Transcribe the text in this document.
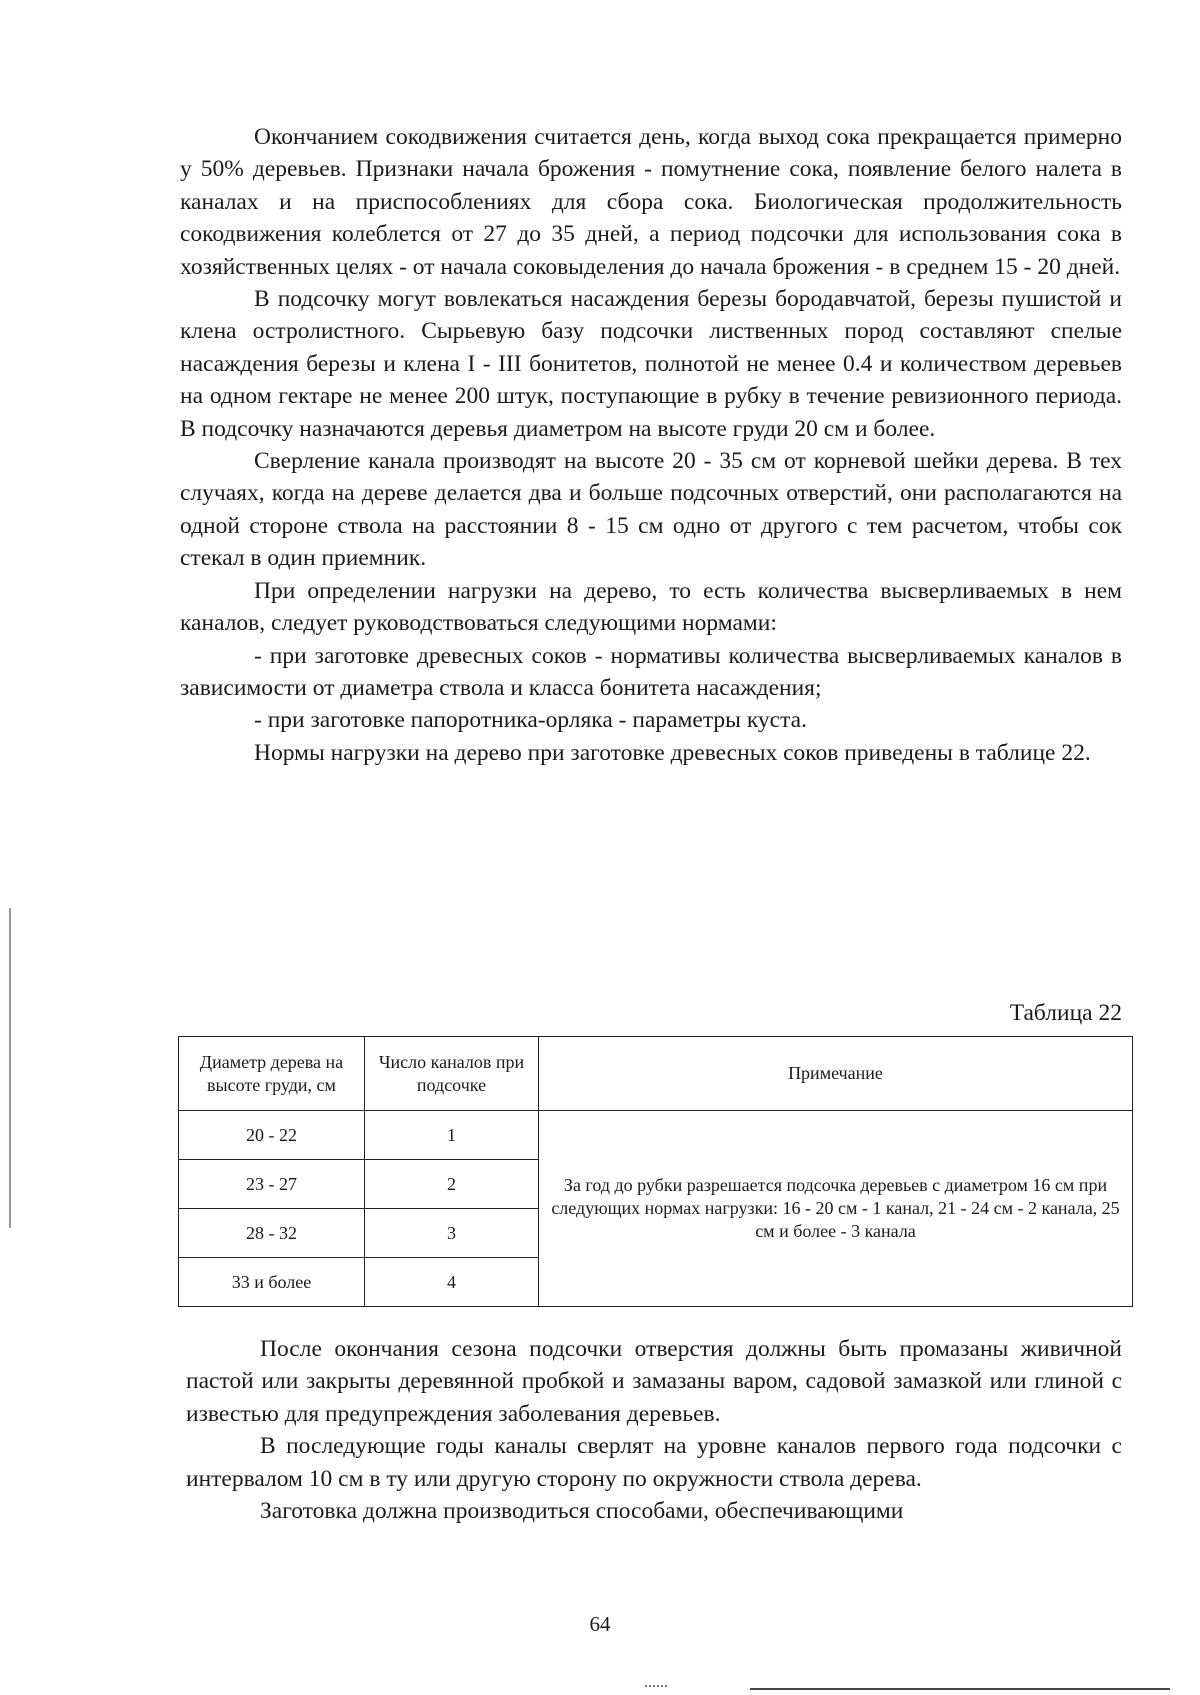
Окончанием сокодвижения считается день, когда выход сока прекращается примерно у 50% деревьев. Признаки начала брожения - помутнение сока, появление белого налета в каналах и на приспособлениях для сбора сока. Биологическая продолжительность сокодвижения колеблется от 27 до 35 дней, а период подсочки для использования сока в хозяйственных целях - от начала соковыделения до начала брожения - в среднем 15 - 20 дней.

В подсочку могут вовлекаться насаждения березы бородавчатой, березы пушистой и клена остролистного. Сырьевую базу подсочки лиственных пород составляют спелые насаждения березы и клена I - III бонитетов, полнотой не менее 0.4 и количеством деревьев на одном гектаре не менее 200 штук, поступающие в рубку в течение ревизионного периода. В подсочку назначаются деревья диаметром на высоте груди 20 см и более.

Сверление канала производят на высоте 20 - 35 см от корневой шейки дерева. В тех случаях, когда на дереве делается два и больше подсочных отверстий, они располагаются на одной стороне ствола на расстоянии 8 - 15 см одно от другого с тем расчетом, чтобы сок стекал в один приемник.

При определении нагрузки на дерево, то есть количества высверливаемых в нем каналов, следует руководствоваться следующими нормами:

- при заготовке древесных соков - нормативы количества высверливаемых каналов в зависимости от диаметра ствола и класса бонитета насаждения;

- при заготовке папоротника-орляка - параметры куста.

Нормы нагрузки на дерево при заготовке древесных соков приведены в таблице 22.

Таблица 22
Диаметр дерева на высоте груди, см	Число каналов при подсочке	Примечание
20 - 22	1	За год до рубки разрешается подсочка деревьев с диаметром 16 см при следующих нормах нагрузки: 16 - 20 см - 1 канал, 21 - 24 см - 2 канала, 25 см и более - 3 канала
23 - 27	2	
28 - 32	3	
33 и более	4	

После окончания сезона подсочки отверстия должны быть промазаны живичной пастой или закрыты деревянной пробкой и замазаны варом, садовой замазкой или глиной с известью для предупреждения заболевания деревьев.

В последующие годы каналы сверлят на уровне каналов первого года подсочки с интервалом 10 см в ту или другую сторону по окружности ствола дерева.

Заготовка должна производиться способами, обеспечивающими

64
